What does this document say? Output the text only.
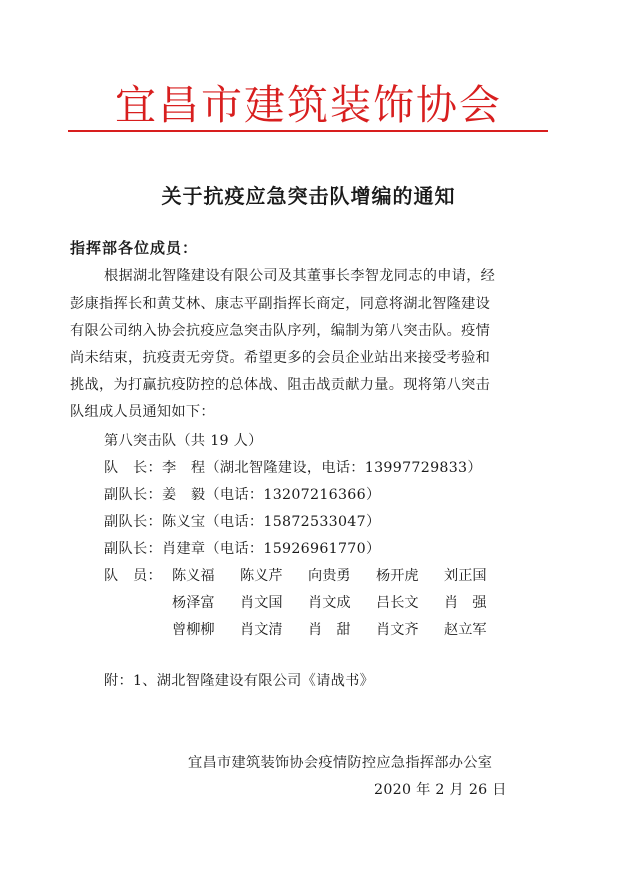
宜昌市建筑装饰协会
关于抗疫应急突击队增编的通知
指挥部各位成员：
根据湖北智隆建设有限公司及其董事长李智龙同志的申请，经
彭康指挥长和黄艾林、康志平副指挥长商定，同意将湖北智隆建设
有限公司纳入协会抗疫应急突击队序列，编制为第八突击队。疫情
尚未结束，抗疫责无旁贷。希望更多的会员企业站出来接受考验和
挑战，为打赢抗疫防控的总体战、阻击战贡献力量。现将第八突击
队组成人员通知如下：
第八突击队（共 19 人）
队　长：李　程（湖北智隆建设，电话：13997729833）
副队长：姜　毅（电话：13207216366）
副队长：陈义宝（电话：15872533047）
副队长：肖建章（电话：15926961770）
队　员： 陈义福 陈义芹 向贵勇 杨开虎 刘正国
杨泽富 肖文国 肖文成 吕长文 肖　强
曾柳柳 肖文清 肖　甜 肖文齐 赵立军
附：1、湖北智隆建设有限公司《请战书》
宜昌市建筑装饰协会疫情防控应急指挥部办公室
2020 年 2 月 26 日
